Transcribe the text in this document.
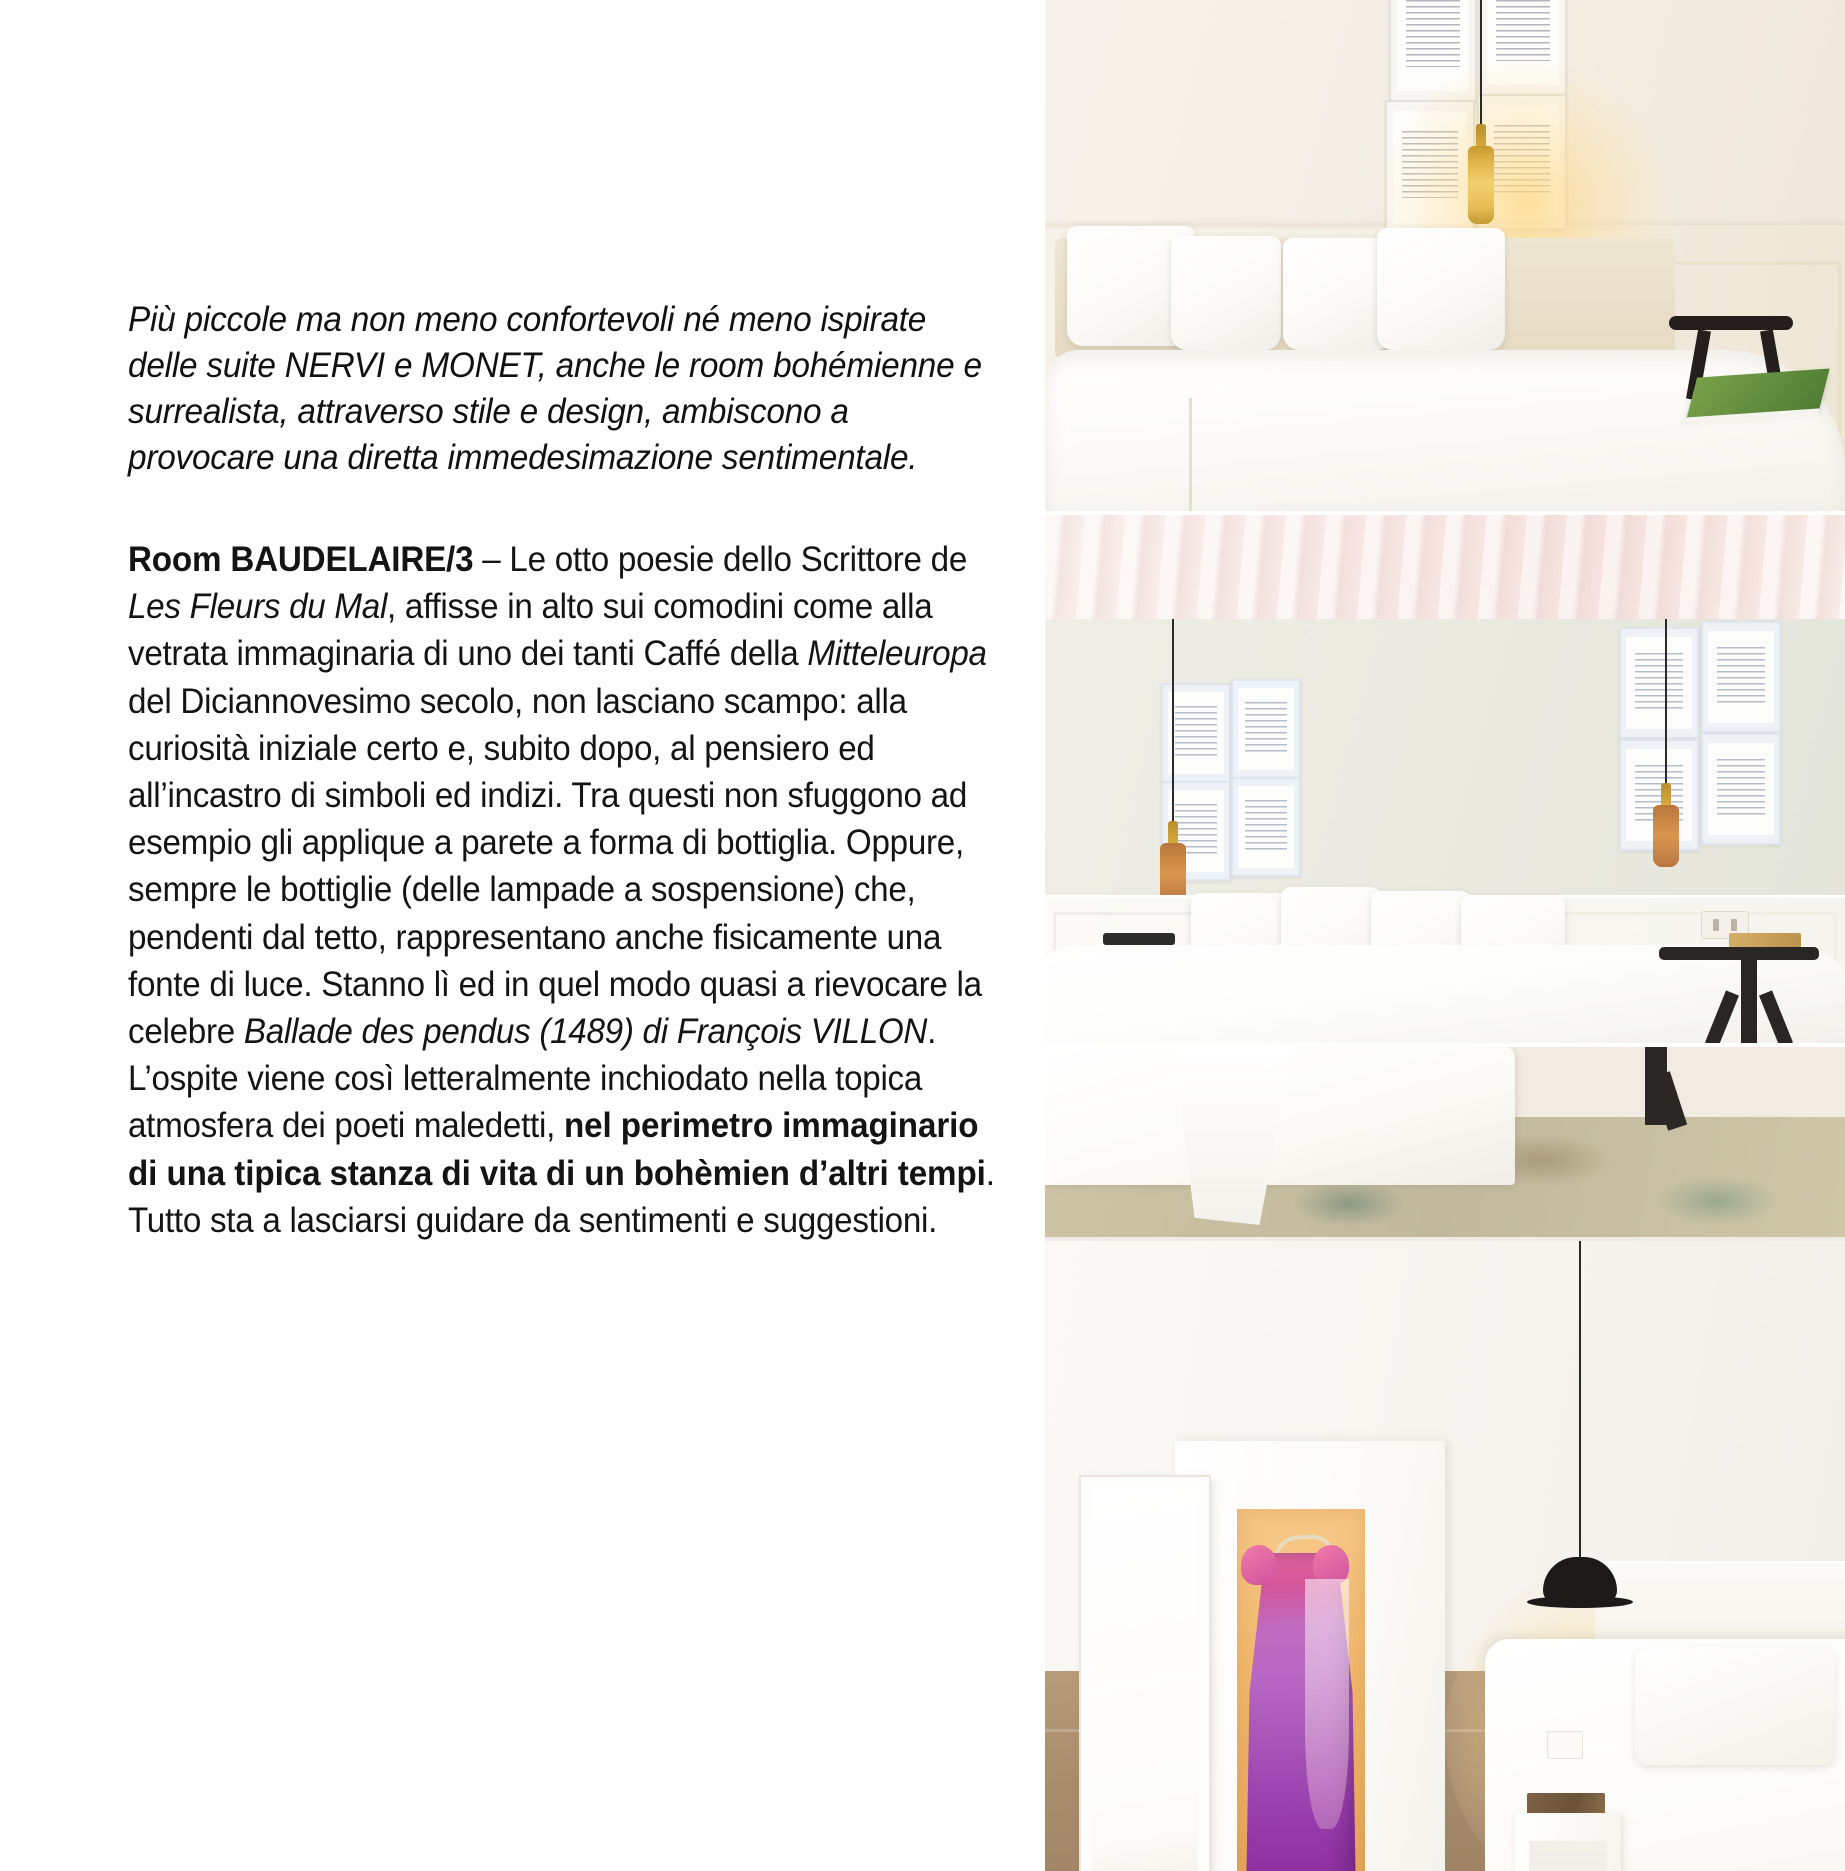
Più piccole ma non meno confortevoli né meno ispirate delle suite NERVI e MONET, anche le room bohémienne e surrealista, attraverso stile e design, ambiscono a provocare una diretta immedesimazione sentimentale.

Room BAUDELAIRE/3 – Le otto poesie dello Scrittore de Les Fleurs du Mal, affisse in alto sui comodini come alla vetrata immaginaria di uno dei tanti Caffé della Mitteleuropa del Diciannovesimo secolo, non lasciano scampo: alla curiosità iniziale certo e, subito dopo, al pensiero ed all’incastro di simboli ed indizi. Tra questi non sfuggono ad esempio gli applique a parete a forma di bottiglia. Oppure, sempre le bottiglie (delle lampade a sospensione) che, pendenti dal tetto, rappresentano anche fisicamente una fonte di luce. Stanno lì ed in quel modo quasi a rievocare la celebre Ballade des pendus (1489) di François VILLON. L’ospite viene così letteralmente inchiodato nella topica atmosfera dei poeti maledetti, nel perimetro immaginario di una tipica stanza di vita di un bohèmien d’altri tempi. Tutto sta a lasciarsi guidare da sentimenti e suggestioni.
